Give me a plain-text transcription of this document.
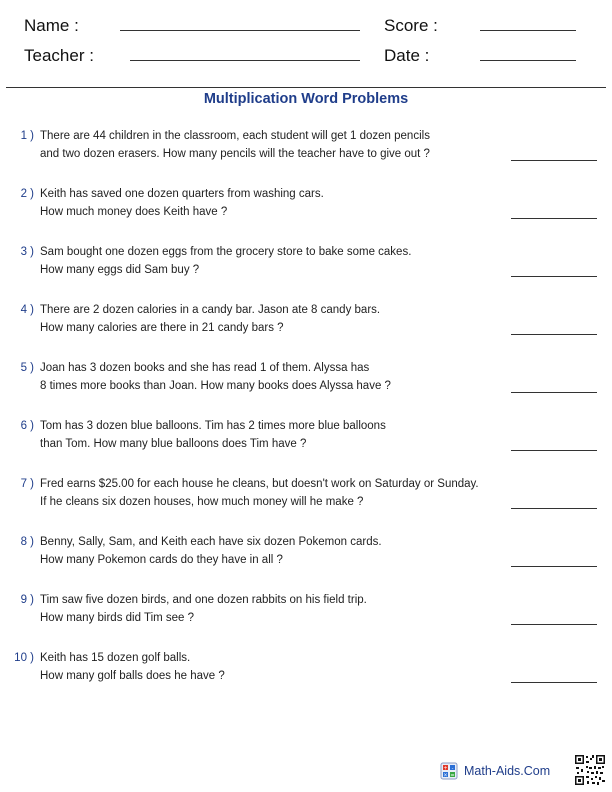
Name :	Score :
Teacher :	Date :
Multiplication Word Problems
1 ) There are 44 children in the classroom, each student will get 1 dozen pencils
and two dozen erasers. How many pencils will the teacher have to give out ?
2 ) Keith has saved one dozen quarters from washing cars.
How much money does Keith have ?
3 ) Sam bought one dozen eggs from the grocery store to bake some cakes.
How many eggs did Sam buy ?
4 ) There are 2 dozen calories in a candy bar. Jason ate 8 candy bars.
How many calories are there in 21 candy bars ?
5 ) Joan has 3 dozen books and she has read 1 of them. Alyssa has
8 times more books than Joan. How many books does Alyssa have ?
6 ) Tom has 3 dozen blue balloons. Tim has 2 times more blue balloons
than Tom. How many blue balloons does Tim have ?
7 ) Fred earns $25.00 for each house he cleans, but doesn't work on Saturday or Sunday.
If he cleans six dozen houses, how much money will he make ?
8 ) Benny, Sally, Sam, and Keith each have six dozen Pokemon cards.
How many Pokemon cards do they have in all ?
9 ) Tim saw five dozen birds, and one dozen rabbits on his field trip.
How many birds did Tim see ?
10 ) Keith has 15 dozen golf balls.
How many golf balls does he have ?
+ -
× = Math-Aids.Com
